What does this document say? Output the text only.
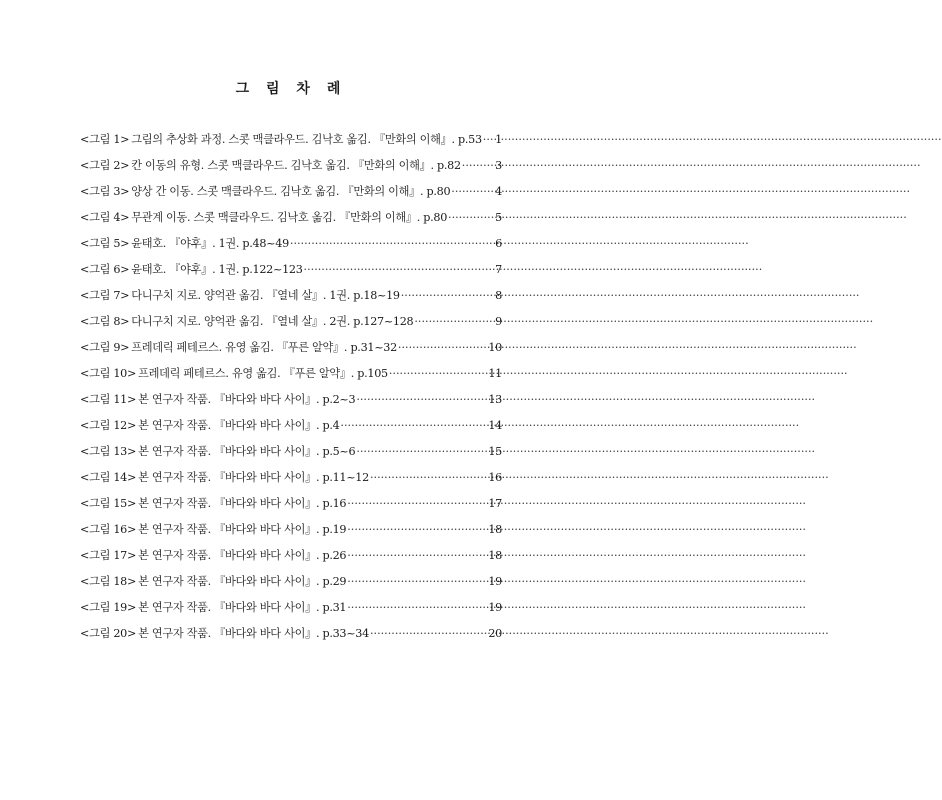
그 림 차 례
<그림 1> 그림의 추상화 과정. 스콧 맥클라우드. 김낙호 옮김. 『만화의 이해』. p.53 ····· 1
<그림 2> 칸 이동의 유형. 스콧 맥클라우드. 김낙호 옮김. 『만화의 이해』. p.82 ·····	3
<그림 3> 양상 간 이동. 스콧 맥클라우드. 김낙호 옮김. 『만화의 이해』. p.80 ·····	4
<그림 4> 무관계 이동. 스콧 맥클라우드. 김낙호 옮김. 『만화의 이해』. p.80 ·····	5
<그림 5> 윤태호. 『야후』. 1권. p.48~49 ·····	6
<그림 6> 윤태호. 『야후』. 1권. p.122~123 ·····	7
<그림 7> 다니구치 지로. 양억관 옮김. 『열네 살』. 1권. p.18~19 ·····	8
<그림 8> 다니구치 지로. 양억관 옮김. 『열네 살』. 2권. p.127~128 ·····	9
<그림 9> 프레데릭 페테르스. 유영 옮김. 『푸른 알약』. p.31~32 ·····	10
<그림 10> 프레데릭 페테르스. 유영 옮김. 『푸른 알약』. p.105 ·····	11
<그림 11> 본 연구자 작품. 『바다와 바다 사이』. p.2~3 ·····	13
<그림 12> 본 연구자 작품. 『바다와 바다 사이』. p.4 ·····	14
<그림 13> 본 연구자 작품. 『바다와 바다 사이』. p.5~6 ·····	15
<그림 14> 본 연구자 작품. 『바다와 바다 사이』. p.11~12 ·····	16
<그림 15> 본 연구자 작품. 『바다와 바다 사이』. p.16 ·····	17
<그림 16> 본 연구자 작품. 『바다와 바다 사이』. p.19 ·····	18
<그림 17> 본 연구자 작품. 『바다와 바다 사이』. p.26 ·····	18
<그림 18> 본 연구자 작품. 『바다와 바다 사이』. p.29 ·····	19
<그림 19> 본 연구자 작품. 『바다와 바다 사이』. p.31 ·····	19
<그림 20> 본 연구자 작품. 『바다와 바다 사이』. p.33~34 ·····	20
